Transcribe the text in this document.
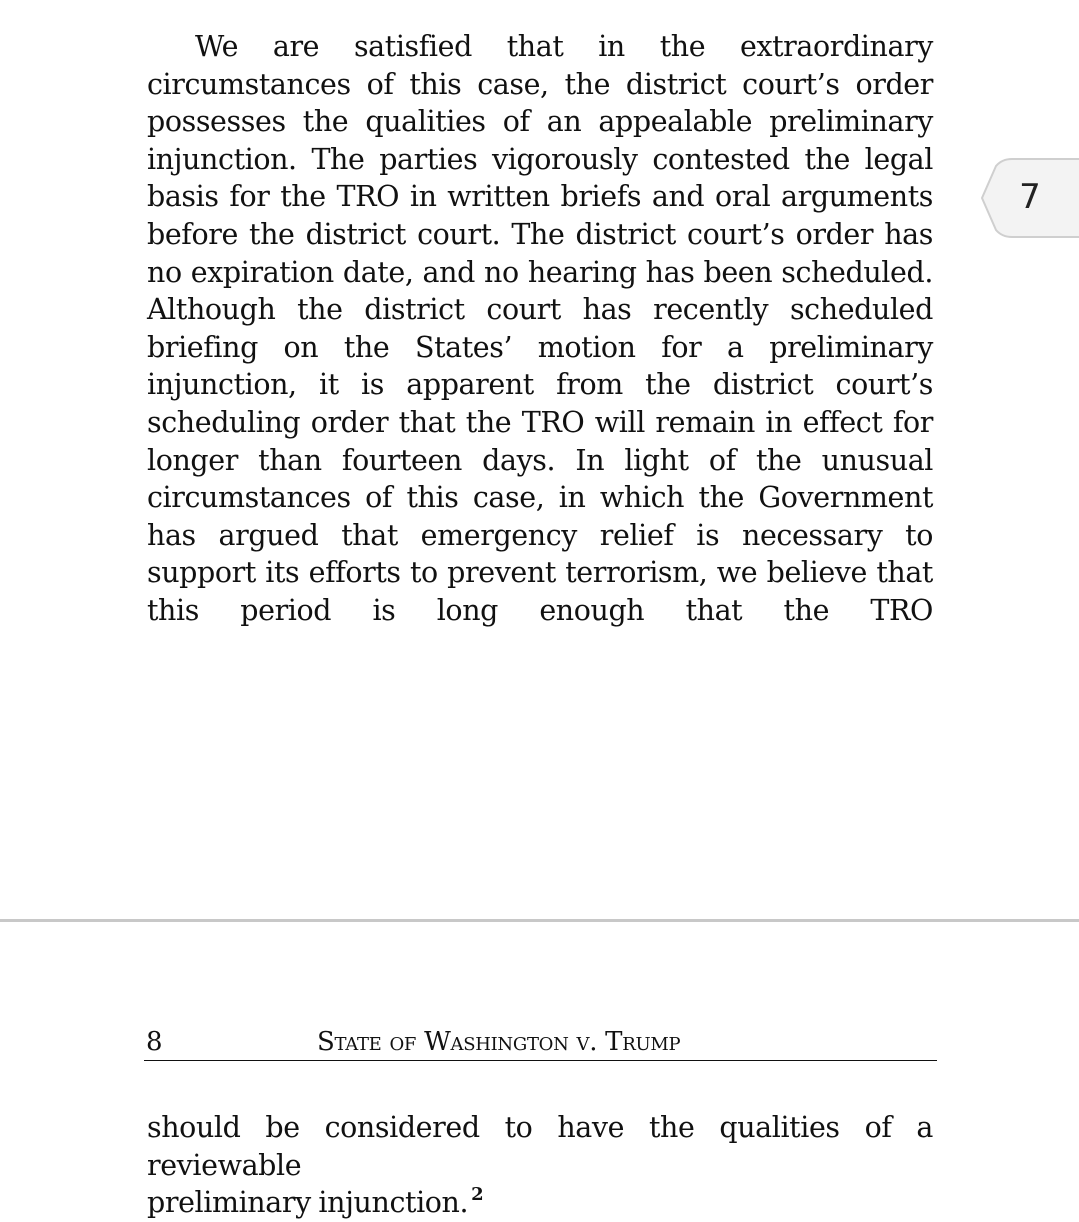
We are satisfied that in the extraordinary circumstances of this case, the district court’s order possesses the qualities of an appealable preliminary injunction. The parties vigorously contested the legal basis for the TRO in written briefs and oral arguments before the district court. The district court’s order has no expiration date, and no hearing has been scheduled. Although the district court has recently scheduled briefing on the States’ motion for a preliminary injunction, it is apparent from the district court’s scheduling order that the TRO will remain in effect for longer than fourteen days. In light of the unusual circumstances of this case, in which the Government has argued that emergency relief is necessary to support its efforts to prevent terrorism, we believe that this period is long enough that the TRO
7
8	State of Washington v. Trump
should be considered to have the qualities of a reviewable
preliminary injunction. $^2$
